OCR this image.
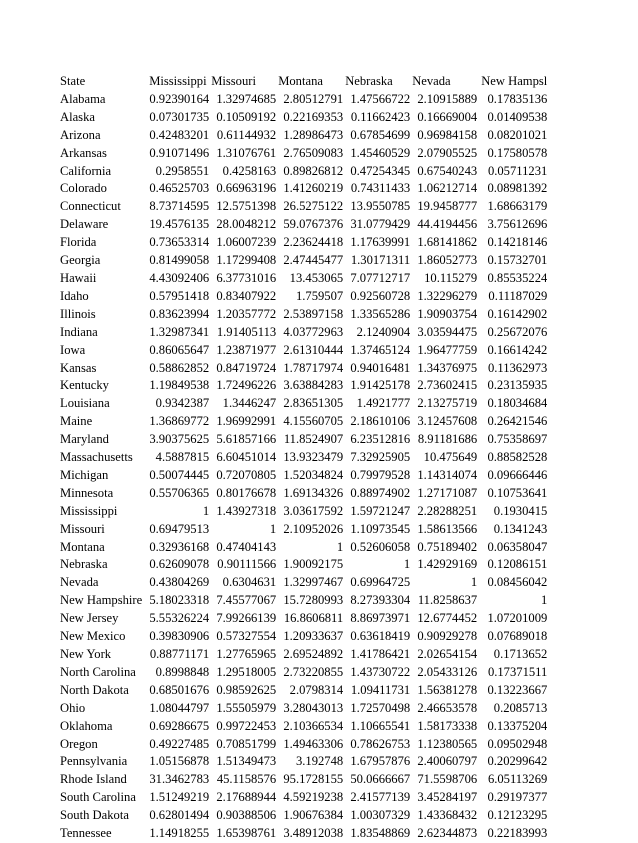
State	Mississippi	Missouri	Montana	Nebraska	Nevada	New Hampsl
Alabama	0.92390164	1.32974685	2.80512791	1.47566722	2.10915889	0.17835136
Alaska	0.07301735	0.10509192	0.22169353	0.11662423	0.16669004	0.01409538
Arizona	0.42483201	0.61144932	1.28986473	0.67854699	0.96984158	0.08201021
Arkansas	0.91071496	1.31076761	2.76509083	1.45460529	2.07905525	0.17580578
California	0.2958551	0.4258163	0.89826812	0.47254345	0.67540243	0.05711231
Colorado	0.46525703	0.66963196	1.41260219	0.74311433	1.06212714	0.08981392
Connecticut	8.73714595	12.5751398	26.5275122	13.9550785	19.9458777	1.68663179
Delaware	19.4576135	28.0048212	59.0767376	31.0779429	44.4194456	3.75612696
Florida	0.73653314	1.06007239	2.23624418	1.17639991	1.68141862	0.14218146
Georgia	0.81499058	1.17299408	2.47445477	1.30171311	1.86052773	0.15732701
Hawaii	4.43092406	6.37731016	13.453065	7.07712717	10.115279	0.85535224
Idaho	0.57951418	0.83407922	1.759507	0.92560728	1.32296279	0.11187029
Illinois	0.83623994	1.20357772	2.53897158	1.33565286	1.90903754	0.16142902
Indiana	1.32987341	1.91405113	4.03772963	2.1240904	3.03594475	0.25672076
Iowa	0.86065647	1.23871977	2.61310444	1.37465124	1.96477759	0.16614242
Kansas	0.58862852	0.84719724	1.78717974	0.94016481	1.34376975	0.11362973
Kentucky	1.19849538	1.72496226	3.63884283	1.91425178	2.73602415	0.23135935
Louisiana	0.9342387	1.3446247	2.83651305	1.4921777	2.13275719	0.18034684
Maine	1.36869772	1.96992991	4.15560705	2.18610106	3.12457608	0.26421546
Maryland	3.90375625	5.61857166	11.8524907	6.23512816	8.91181686	0.75358697
Massachusetts	4.5887815	6.60451014	13.9323479	7.32925905	10.475649	0.88582528
Michigan	0.50074445	0.72070805	1.52034824	0.79979528	1.14314074	0.09666446
Minnesota	0.55706365	0.80176678	1.69134326	0.88974902	1.27171087	0.10753641
Mississippi	1	1.43927318	3.03617592	1.59721247	2.28288251	0.1930415
Missouri	0.69479513	1	2.10952026	1.10973545	1.58613566	0.1341243
Montana	0.32936168	0.47404143	1	0.52606058	0.75189402	0.06358047
Nebraska	0.62609078	0.90111566	1.90092175	1	1.42929169	0.12086151
Nevada	0.43804269	0.6304631	1.32997467	0.69964725	1	0.08456042
New Hampshire	5.18023318	7.45577067	15.7280993	8.27393304	11.8258637	1
New Jersey	5.55326224	7.99266139	16.8606811	8.86973971	12.6774452	1.07201009
New Mexico	0.39830906	0.57327554	1.20933637	0.63618419	0.90929278	0.07689018
New York	0.88771171	1.27765965	2.69524892	1.41786421	2.02654154	0.1713652
North Carolina	0.8998848	1.29518005	2.73220855	1.43730722	2.05433126	0.17371511
North Dakota	0.68501676	0.98592625	2.0798314	1.09411731	1.56381278	0.13223667
Ohio	1.08044797	1.55505979	3.28043013	1.72570498	2.46653578	0.2085713
Oklahoma	0.69286675	0.99722453	2.10366534	1.10665541	1.58173338	0.13375204
Oregon	0.49227485	0.70851799	1.49463306	0.78626753	1.12380565	0.09502948
Pennsylvania	1.05156878	1.51349473	3.192748	1.67957876	2.40060797	0.20299642
Rhode Island	31.3462783	45.1158576	95.1728155	50.0666667	71.5598706	6.05113269
South Carolina	1.51249219	2.17688944	4.59219238	2.41577139	3.45284197	0.29197377
South Dakota	0.62801494	0.90388506	1.90676384	1.00307329	1.43368432	0.12123295
Tennessee	1.14918255	1.65398761	3.48912038	1.83548869	2.62344873	0.22183993
